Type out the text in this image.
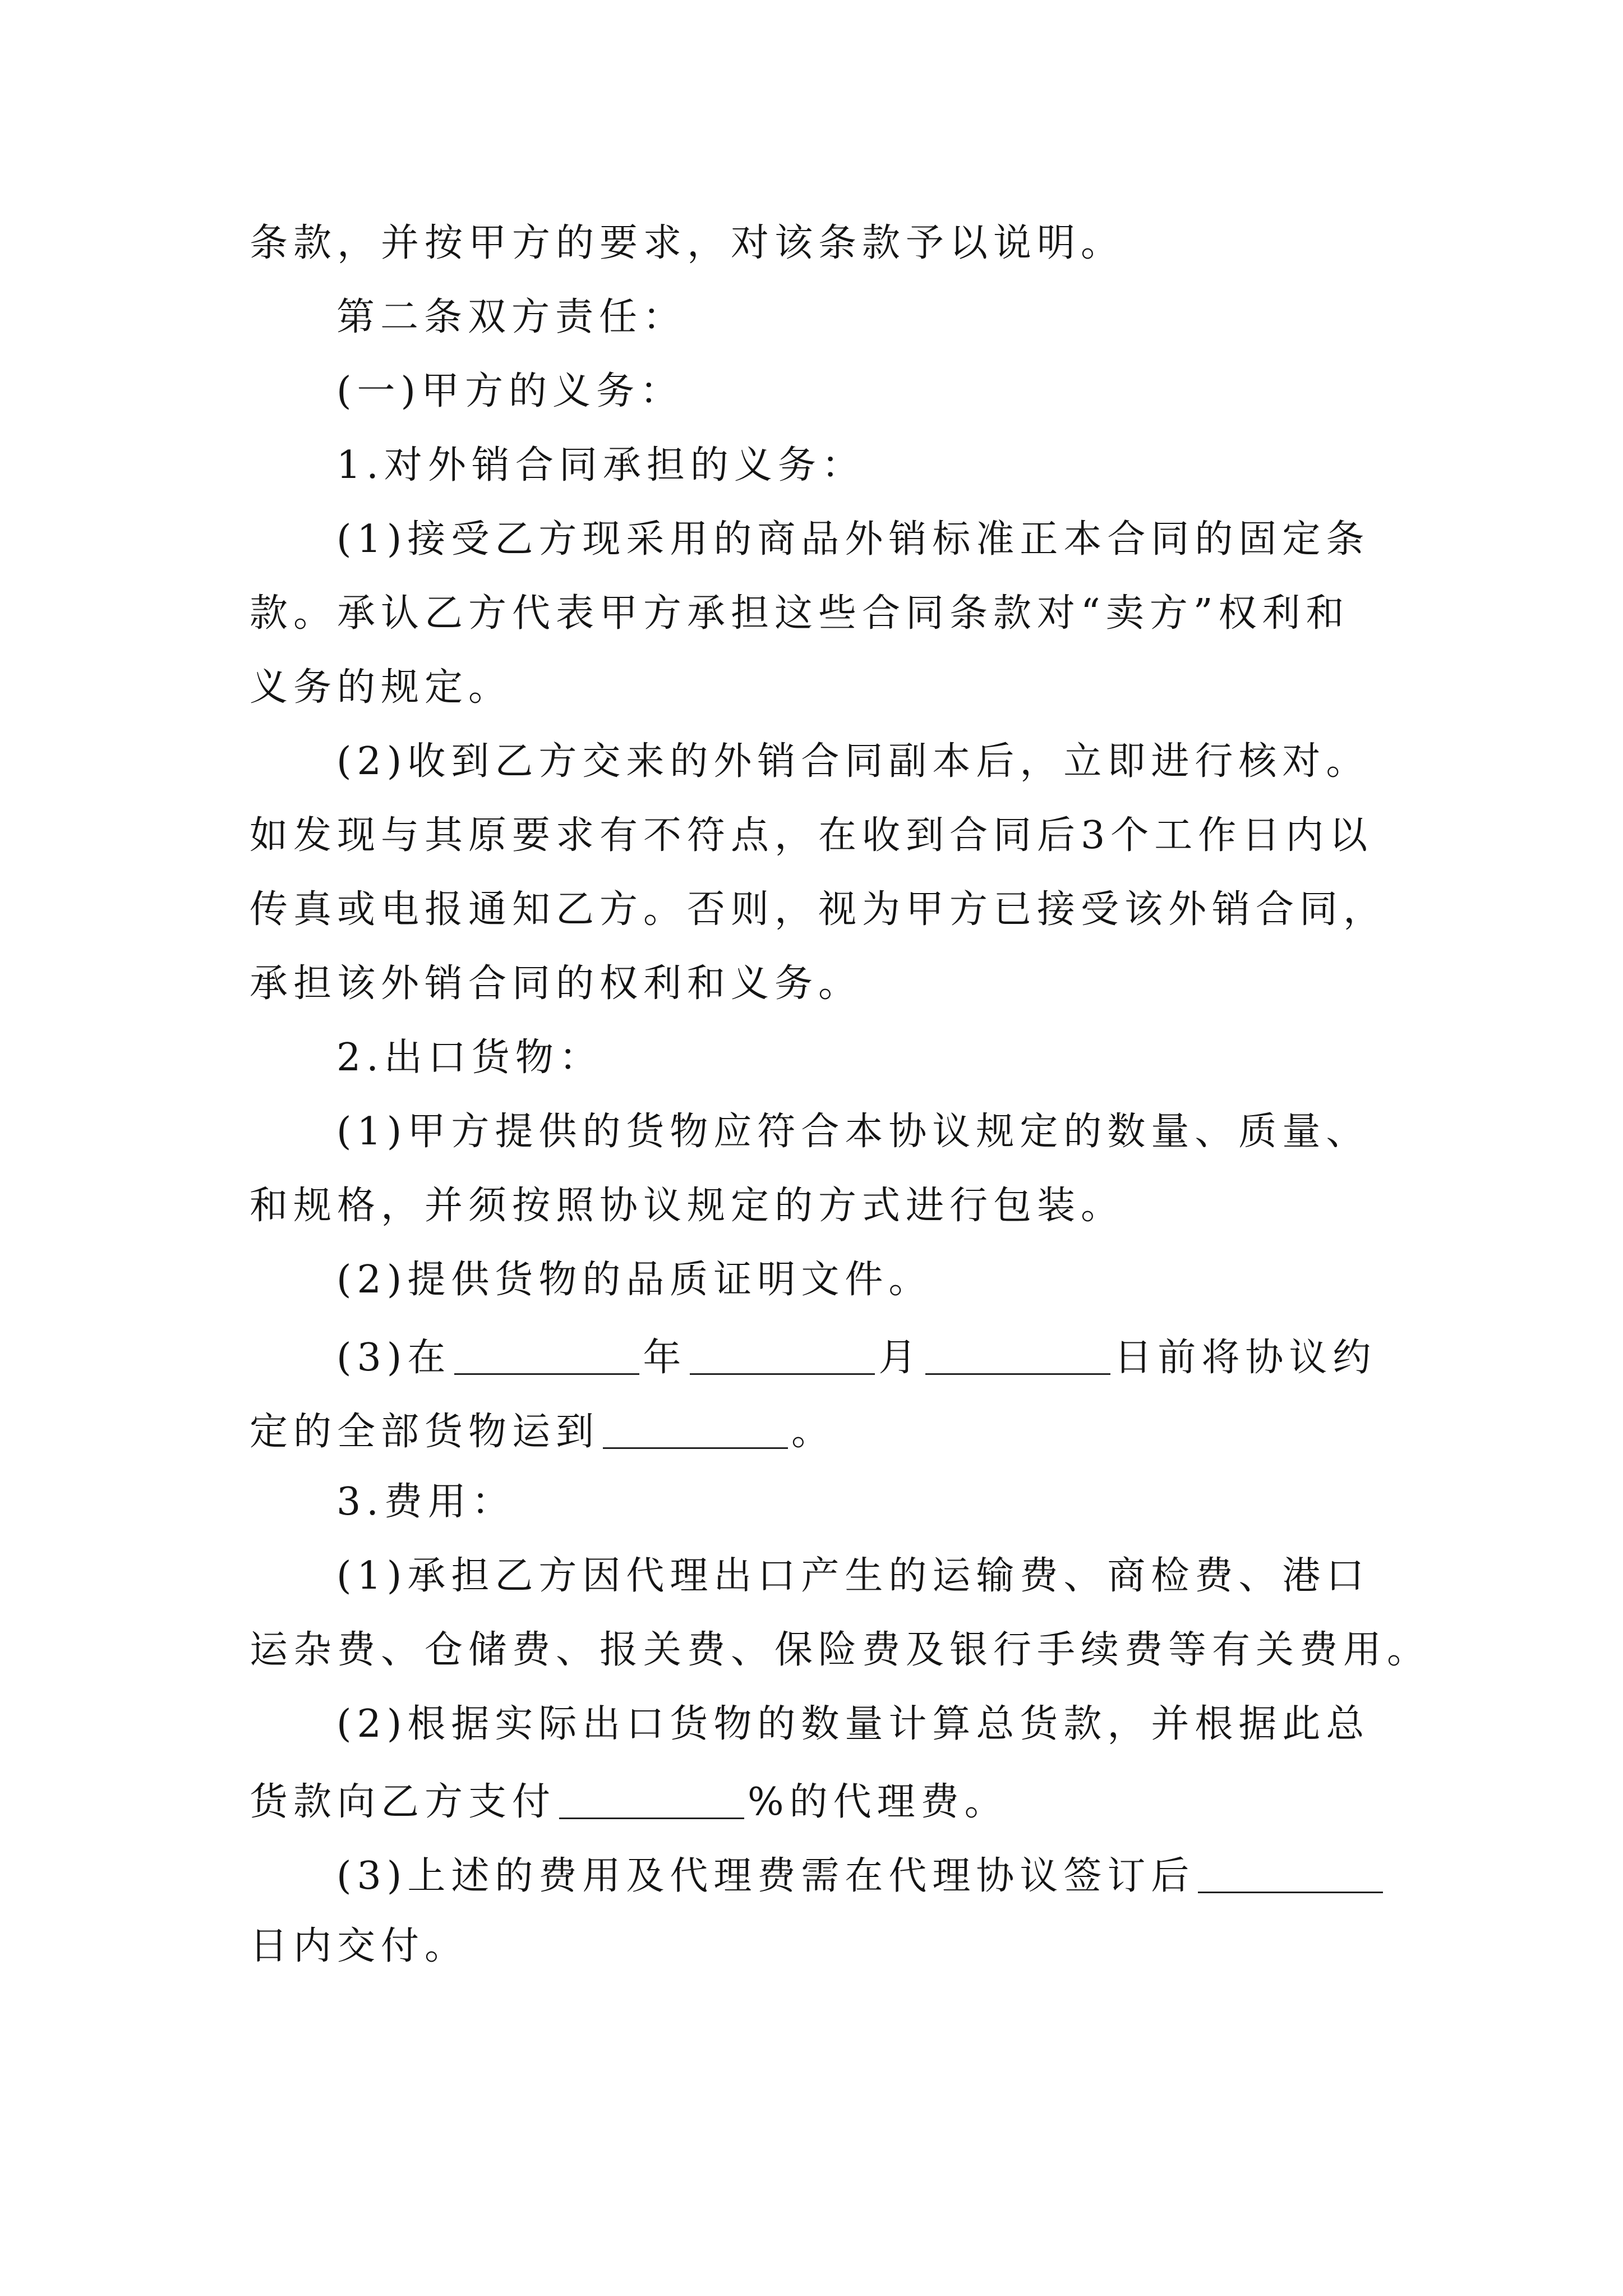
条款，并按甲方的要求，对该条款予以说明。
第二条双方责任：
(一)甲方的义务：
1.对外销合同承担的义务：
(1)接受乙方现采用的商品外销标准正本合同的固定条
款。承认乙方代表甲方承担这些合同条款对“卖方”权利和
义务的规定。
(2)收到乙方交来的外销合同副本后，立即进行核对。
如发现与其原要求有不符点，在收到合同后3个工作日内以
传真或电报通知乙方。否则，视为甲方已接受该外销合同，
承担该外销合同的权利和义务。
2.出口货物：
(1)甲方提供的货物应符合本协议规定的数量、质量、
和规格，并须按照协议规定的方式进行包装。
(2)提供货物的品质证明文件。
(3)在	年	月	日前将协议约
定的全部货物运到	。
3.费用：
(1)承担乙方因代理出口产生的运输费、商检费、港口
运杂费、仓储费、报关费、保险费及银行手续费等有关费用。
(2)根据实际出口货物的数量计算总货款，并根据此总
货款向乙方支付	%的代理费。
(3)上述的费用及代理费需在代理协议签订后
日内交付。
